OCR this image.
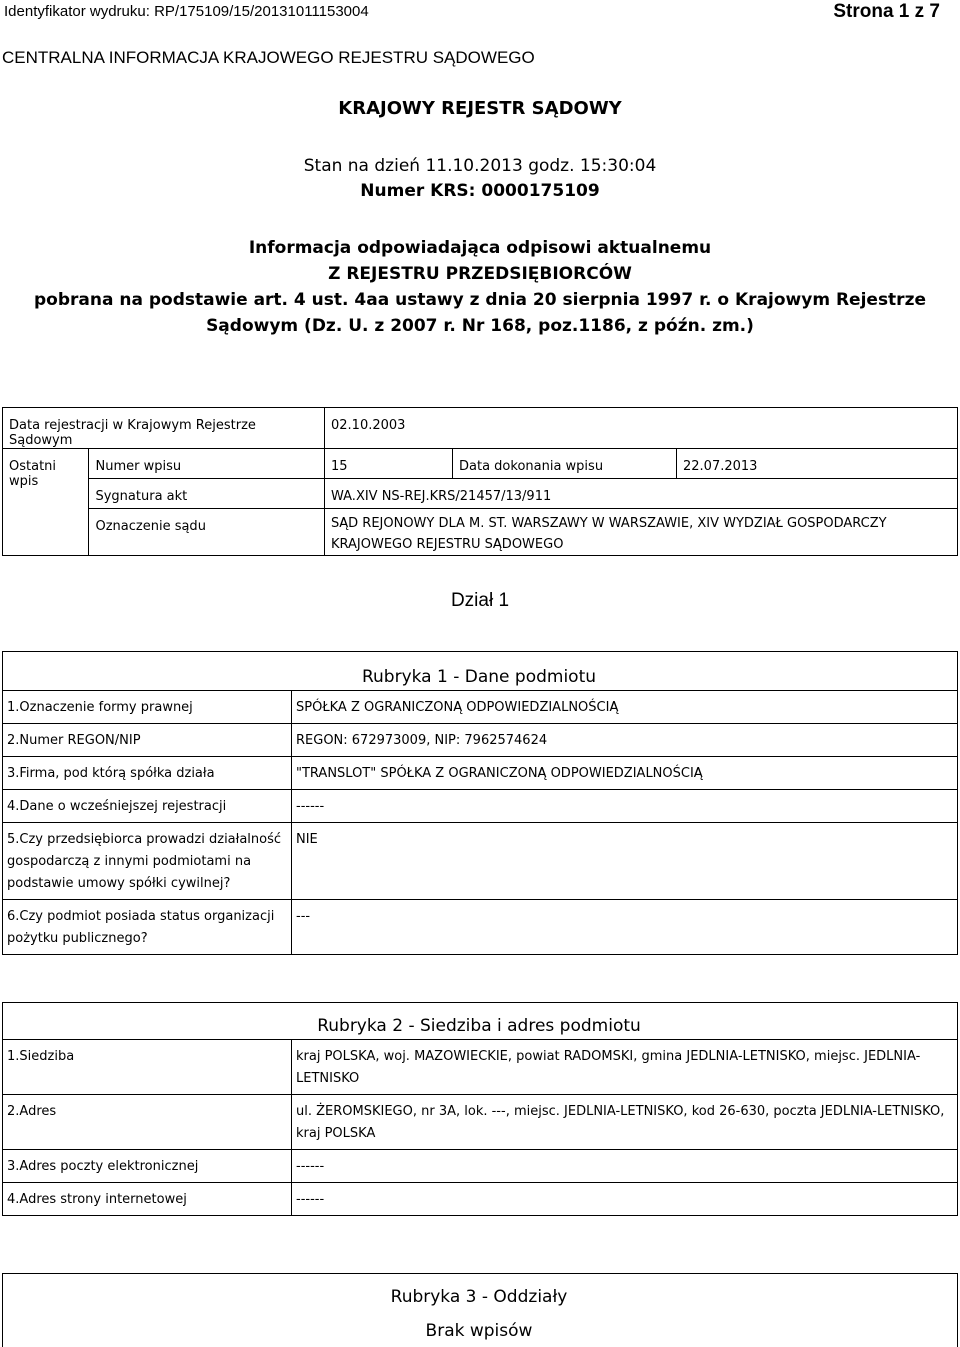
Identyfikator wydruku: RP/175109/15/20131011153004	Strona 1 z 7
CENTRALNA INFORMACJA KRAJOWEGO REJESTRU SĄDOWEGO
KRAJOWY REJESTR SĄDOWY
Stan na dzień 11.10.2013 godz. 15:30:04
Numer KRS: 0000175109
Informacja odpowiadająca odpisowi aktualnemu
Z REJESTRU PRZEDSIĘBIORCÓW
pobrana na podstawie art. 4 ust. 4aa ustawy z dnia 20 sierpnia 1997 r. o Krajowym Rejestrze
Sądowym (Dz. U. z 2007 r. Nr 168, poz.1186, z późn. zm.)
Data rejestracji w Krajowym Rejestrze Sądowym		02.10.2003		
Ostatni wpis	Numer wpisu	15	Data dokonania wpisu	22.07.2013
	Sygnatura akt	WA.XIV NS-REJ.KRS/21457/13/911		
	Oznaczenie sądu	SĄD REJONOWY DLA M. ST. WARSZAWY W WARSZAWIE, XIV WYDZIAŁ GOSPODARCZY KRAJOWEGO REJESTRU SĄDOWEGO		
Dział 1
Rubryka 1 - Dane podmiotu	
1.Oznaczenie formy prawnej	SPÓŁKA Z OGRANICZONĄ ODPOWIEDZIALNOŚCIĄ
2.Numer REGON/NIP	REGON: 672973009, NIP: 7962574624
3.Firma, pod którą spółka działa	"TRANSLOT" SPÓŁKA Z OGRANICZONĄ ODPOWIEDZIALNOŚCIĄ
4.Dane o wcześniejszej rejestracji	------
5.Czy przedsiębiorca prowadzi działalność gospodarczą z innymi podmiotami na podstawie umowy spółki cywilnej?	NIE
6.Czy podmiot posiada status organizacji pożytku publicznego?	---
Rubryka 2 - Siedziba i adres podmiotu	
1.Siedziba	kraj POLSKA, woj. MAZOWIECKIE, powiat RADOMSKI, gmina JEDLNIA-LETNISKO, miejsc. JEDLNIA-LETNISKO
2.Adres	ul. ŻEROMSKIEGO, nr 3A, lok. ---, miejsc. JEDLNIA-LETNISKO, kod 26-630, poczta JEDLNIA-LETNISKO, kraj POLSKA
3.Adres poczty elektronicznej	------
4.Adres strony internetowej	------
Rubryka 3 - Oddziały
Brak wpisów
